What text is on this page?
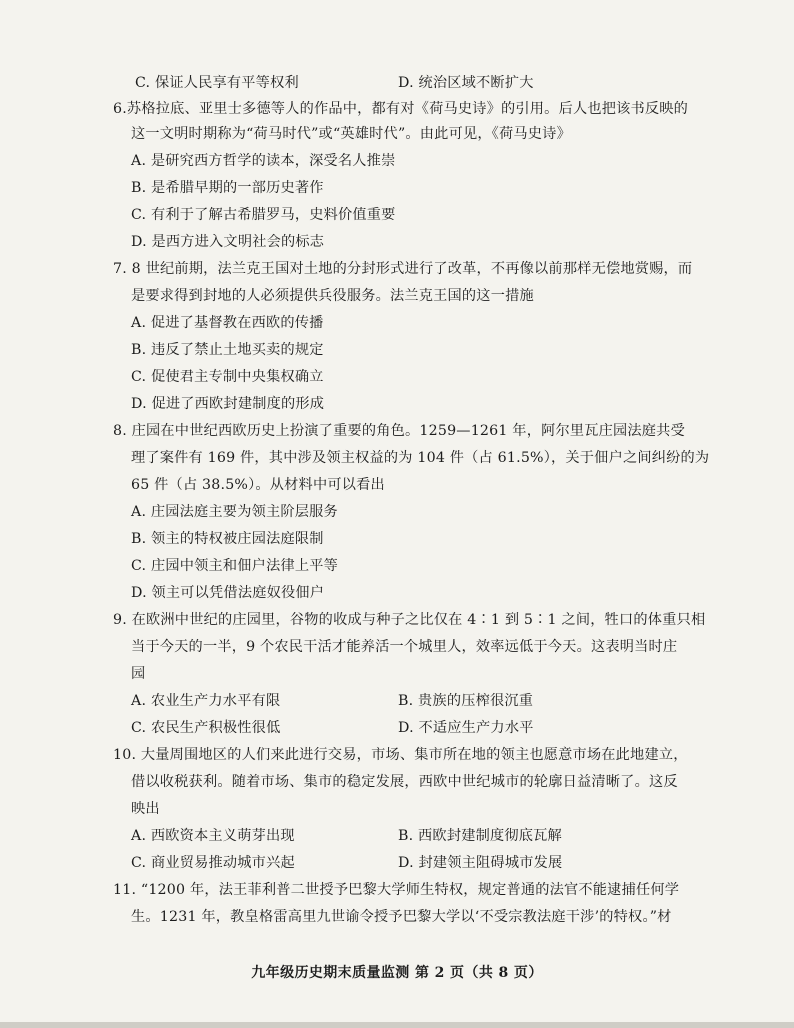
C. 保证人民享有平等权利	D. 统治区域不断扩大
6.苏格拉底、亚里士多德等人的作品中，都有对《荷马史诗》的引用。后人也把该书反映的
这一文明时期称为“荷马时代”或“英雄时代”。由此可见，《荷马史诗》
A. 是研究西方哲学的读本，深受名人推崇
B. 是希腊早期的一部历史著作
C. 有利于了解古希腊罗马，史料价值重要
D. 是西方进入文明社会的标志
7. 8 世纪前期，法兰克王国对土地的分封形式进行了改革，不再像以前那样无偿地赏赐，而
是要求得到封地的人必须提供兵役服务。法兰克王国的这一措施
A. 促进了基督教在西欧的传播
B. 违反了禁止土地买卖的规定
C. 促使君主专制中央集权确立
D. 促进了西欧封建制度的形成
8. 庄园在中世纪西欧历史上扮演了重要的角色。1259—1261 年，阿尔里瓦庄园法庭共受
理了案件有 169 件，其中涉及领主权益的为 104 件（占 61.5%），关于佃户之间纠纷的为
65 件（占 38.5%）。从材料中可以看出
A. 庄园法庭主要为领主阶层服务
B. 领主的特权被庄园法庭限制
C. 庄园中领主和佃户法律上平等
D. 领主可以凭借法庭奴役佃户
9. 在欧洲中世纪的庄园里，谷物的收成与种子之比仅在 4∶1 到 5∶1 之间，牲口的体重只相
当于今天的一半，9 个农民干活才能养活一个城里人，效率远低于今天。这表明当时庄
园
A. 农业生产力水平有限	B. 贵族的压榨很沉重
C. 农民生产积极性很低	D. 不适应生产力水平
10. 大量周围地区的人们来此进行交易，市场、集市所在地的领主也愿意市场在此地建立，
借以收税获利。随着市场、集市的稳定发展，西欧中世纪城市的轮廓日益清晰了。这反
映出
A. 西欧资本主义萌芽出现	B. 西欧封建制度彻底瓦解
C. 商业贸易推动城市兴起	D. 封建领主阻碍城市发展
11. “1200 年，法王菲利普二世授予巴黎大学师生特权，规定普通的法官不能逮捕任何学
生。1231 年，教皇格雷高里九世谕令授予巴黎大学以‘不受宗教法庭干涉’的特权。”材
九年级历史期末质量监测 第 2 页（共 8 页）
